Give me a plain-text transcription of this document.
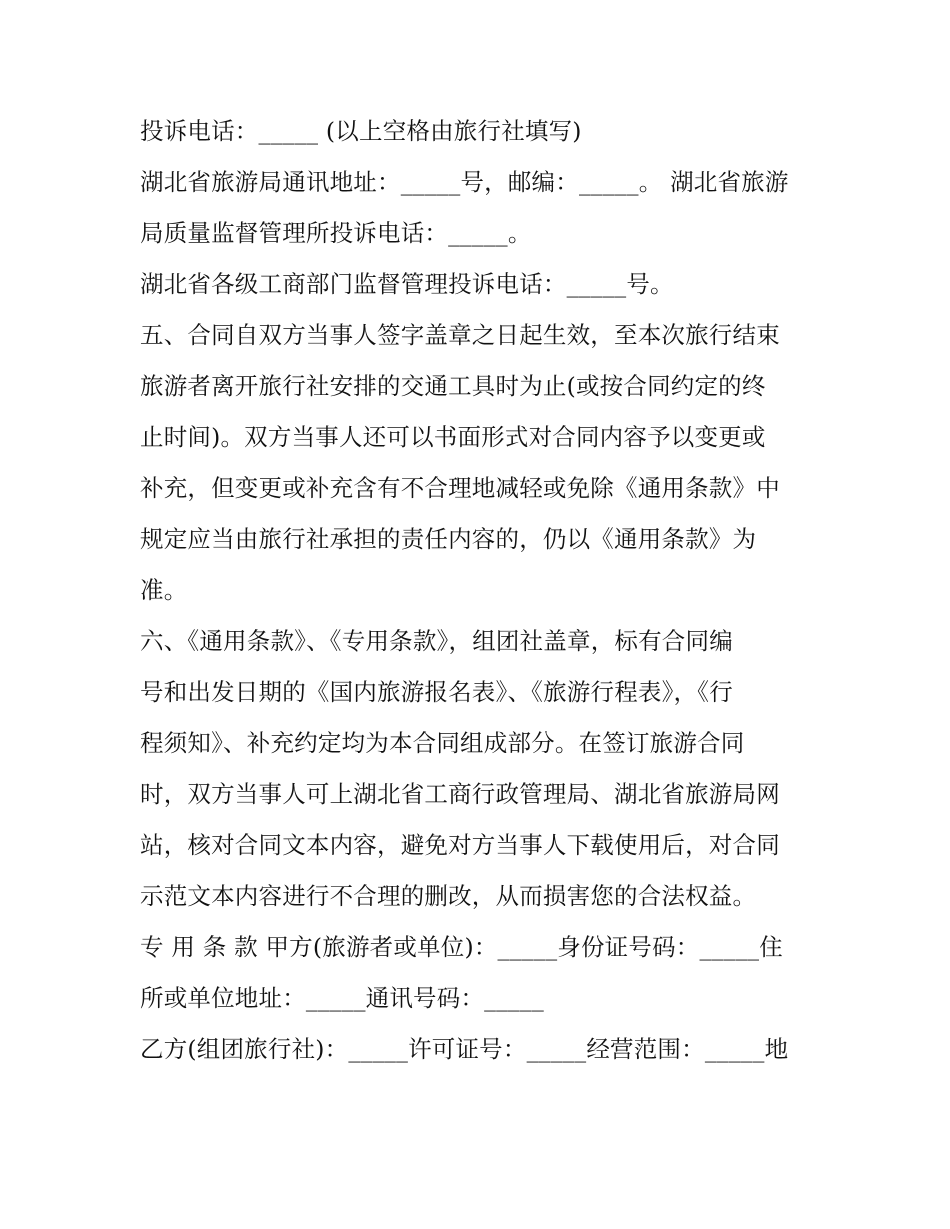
投诉电话：_____ (以上空格由旅行社填写)
湖北省旅游局通讯地址：_____号，邮编：_____。 湖北省旅游
局质量监督管理所投诉电话：_____。
湖北省各级工商部门监督管理投诉电话：_____号。
五、合同自双方当事人签字盖章之日起生效，至本次旅行结束
旅游者离开旅行社安排的交通工具时为止(或按合同约定的终
止时间)。双方当事人还可以书面形式对合同内容予以变更或
补充，但变更或补充含有不合理地减轻或免除《通用条款》中
规定应当由旅行社承担的责任内容的，仍以《通用条款》为
准。
六、《通用条款》、《专用条款》，组团社盖章，标有合同编
号和出发日期的《国内旅游报名表》、《旅游行程表》，《行
程须知》、补充约定均为本合同组成部分。在签订旅游合同
时，双方当事人可上湖北省工商行政管理局、湖北省旅游局网
站，核对合同文本内容，避免对方当事人下载使用后，对合同
示范文本内容进行不合理的删改，从而损害您的合法权益。
专 用 条 款 甲方(旅游者或单位)：_____身份证号码：_____住
所或单位地址：_____通讯号码：_____
乙方(组团旅行社)：_____许可证号：_____经营范围：_____地
